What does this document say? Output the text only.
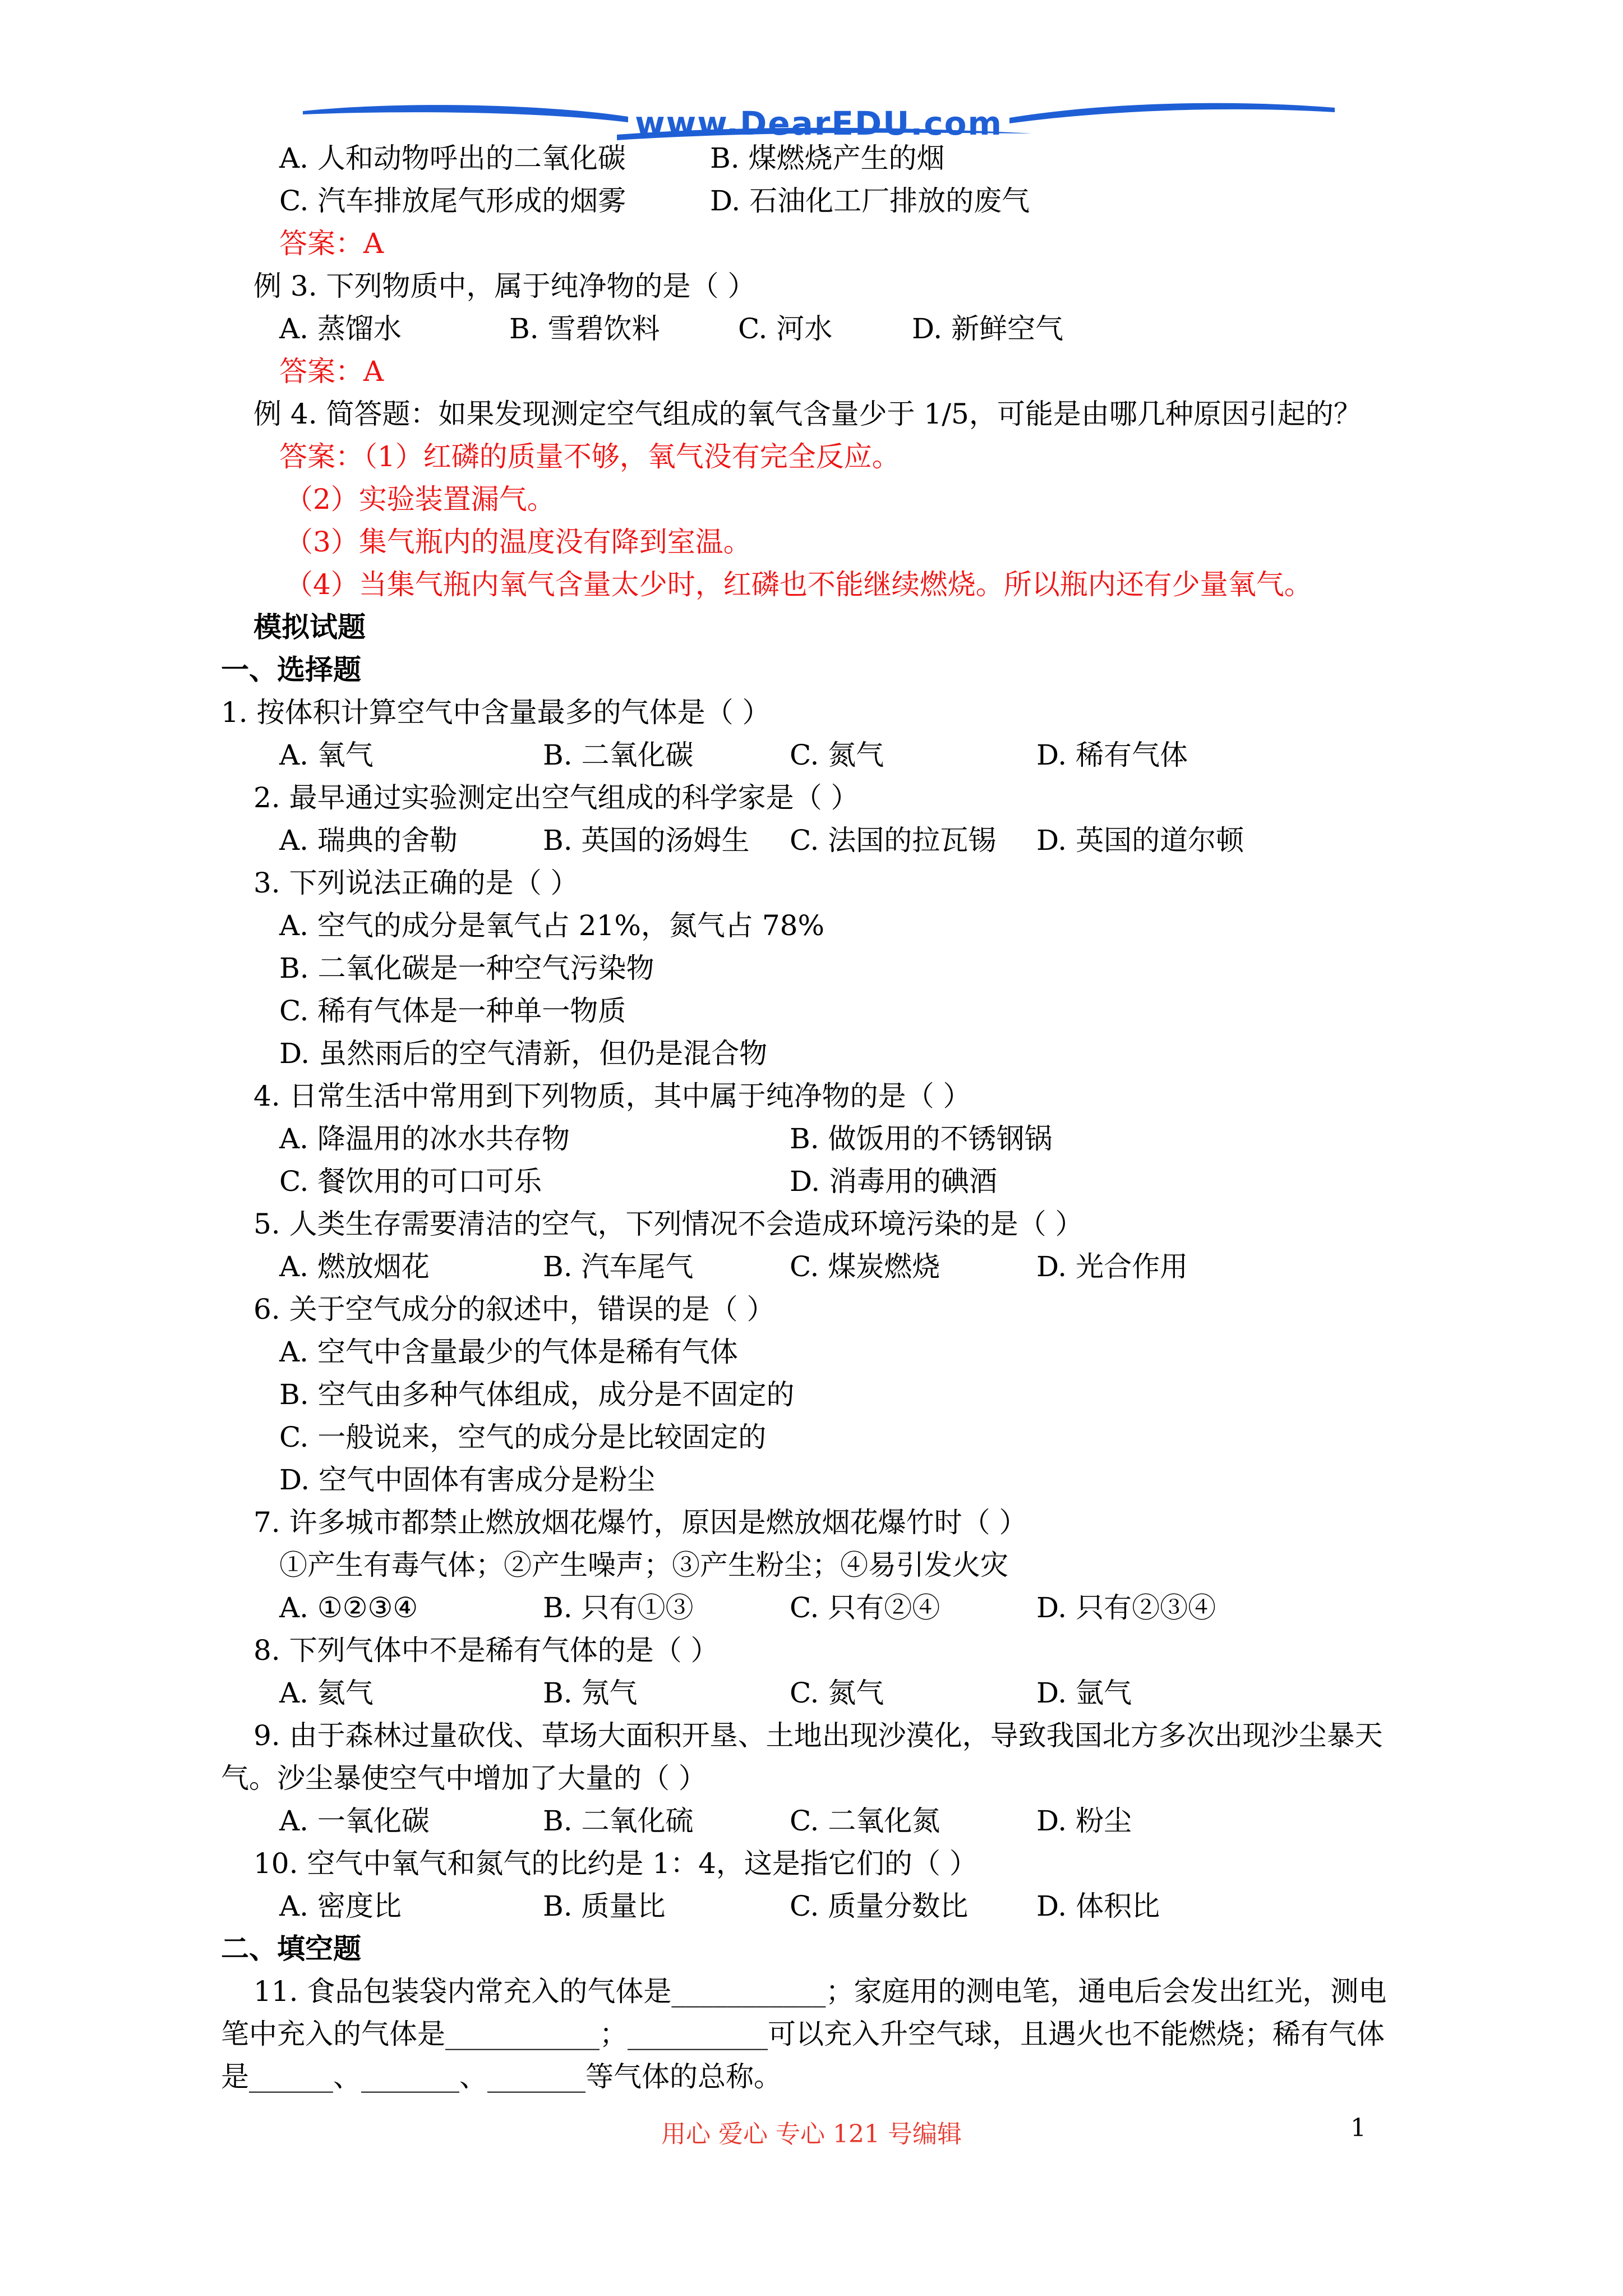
www.DearEDU.com
A. 人和动物呼出的二氧化碳	B. 煤燃烧产生的烟
C. 汽车排放尾气形成的烟雾	D. 石油化工厂排放的废气
答案：A
例 3. 下列物质中，属于纯净物的是（ ）
A. 蒸馏水	B. 雪碧饮料	C. 河水	D. 新鲜空气
答案：A
例 4. 简答题：如果发现测定空气组成的氧气含量少于 1/5，可能是由哪几种原因引起的？
答案：（1）红磷的质量不够，氧气没有完全反应。
（2）实验装置漏气。
（3）集气瓶内的温度没有降到室温。
（4）当集气瓶内氧气含量太少时，红磷也不能继续燃烧。所以瓶内还有少量氧气。
模拟试题
一、选择题
1. 按体积计算空气中含量最多的气体是（ ）
A. 氧气	B. 二氧化碳	C. 氮气	D. 稀有气体
2. 最早通过实验测定出空气组成的科学家是（ ）
A. 瑞典的舍勒	B. 英国的汤姆生 C. 法国的拉瓦锡 D. 英国的道尔顿
3. 下列说法正确的是（ ）
A. 空气的成分是氧气占 21%，氮气占 78%
B. 二氧化碳是一种空气污染物
C. 稀有气体是一种单一物质
D. 虽然雨后的空气清新，但仍是混合物
4. 日常生活中常用到下列物质，其中属于纯净物的是（ ）
A. 降温用的冰水共存物	B. 做饭用的不锈钢锅
C. 餐饮用的可口可乐	D. 消毒用的碘酒
5. 人类生存需要清洁的空气，下列情况不会造成环境污染的是（ ）
A. 燃放烟花	B. 汽车尾气	C. 煤炭燃烧	D. 光合作用
6. 关于空气成分的叙述中，错误的是（ ）
A. 空气中含量最少的气体是稀有气体
B. 空气由多种气体组成，成分是不固定的
C. 一般说来，空气的成分是比较固定的
D. 空气中固体有害成分是粉尘
7. 许多城市都禁止燃放烟花爆竹，原因是燃放烟花爆竹时（ ）
①产生有毒气体；②产生噪声；③产生粉尘；④易引发火灾
A. ①②③④	B. 只有①③	C. 只有②④	D. 只有②③④
8. 下列气体中不是稀有气体的是（ ）
A. 氦气	B. 氖气	C. 氮气	D. 氩气
9. 由于森林过量砍伐、草场大面积开垦、土地出现沙漠化，导致我国北方多次出现沙尘暴天
气。沙尘暴使空气中增加了大量的（ ）
A. 一氧化碳	B. 二氧化硫	C. 二氧化氮	D. 粉尘
10. 空气中氧气和氮气的比约是 1：4，这是指它们的（ ）
A. 密度比	B. 质量比	C. 质量分数比 D. 体积比
二、填空题
11. 食品包装袋内常充入的气体是___________；家庭用的测电笔，通电后会发出红光，测电
笔中充入的气体是___________；__________可以充入升空气球，且遇火也不能燃烧；稀有气体
是______、_______、_______等气体的总称。
用心 爱心 专心 121 号编辑	1
